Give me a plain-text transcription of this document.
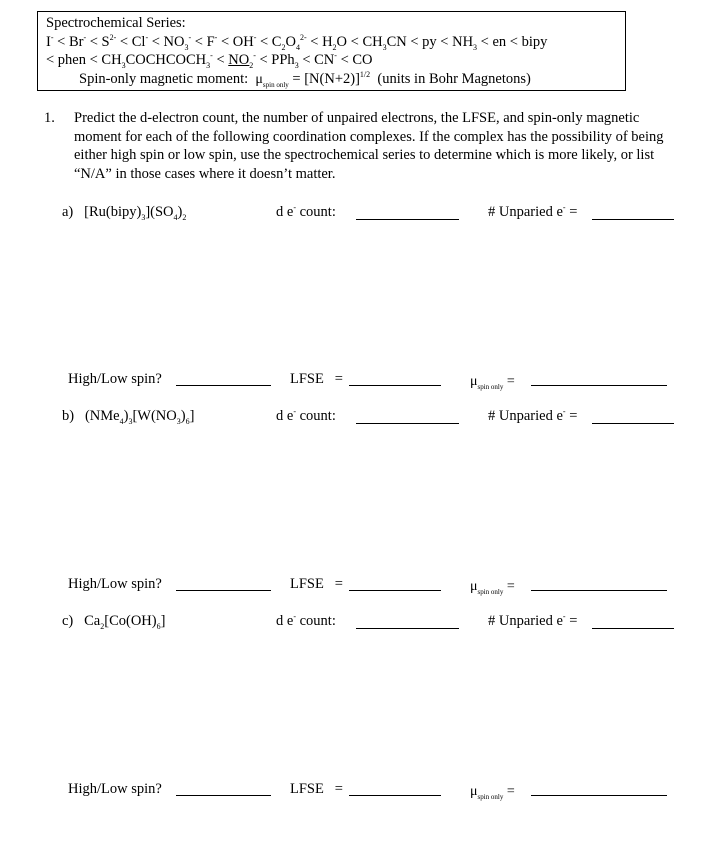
Spectrochemical Series:
$I^- < Br^- < S^{2-} < Cl^- < NO_3^- < F^- < OH^- < C_2O_4^{2-} < H_2O < CH_3CN$ < py < $NH_3$ < en < bipy
< phen < $CH_3COCHCOCH_3^- < NO_2^- < PPh_3 < CN^-$ < CO
Spin-only magnetic moment: $\mu_{spin only} = [N(N+2)]^{1/2}$ (units in Bohr Magnetons)
1. Predict the d-electron count, the number of unpaired electrons, the LFSE, and spin-only magnetic moment for each of the following coordination complexes. If the complex has the possibility of being either high spin or low spin, use the spectrochemical series to determine which is more likely, or list “N/A” in those cases where it doesn’t matter.
a)   $[Ru(bipy)_3](SO_4)_2$	d e- count:	# Unparied e- =
High/Low spin?	LFSE =	$\mu_{spin only}$ =
b)   $(NMe_4)_3[W(NO_3)_6]$	d e- count:	# Unparied e- =
High/Low spin?	LFSE =	$\mu_{spin only}$ =
c)   $Ca_2[Co(OH)_6]$	d e- count:	# Unparied e- =
High/Low spin?	LFSE =	$\mu_{spin only}$ =
